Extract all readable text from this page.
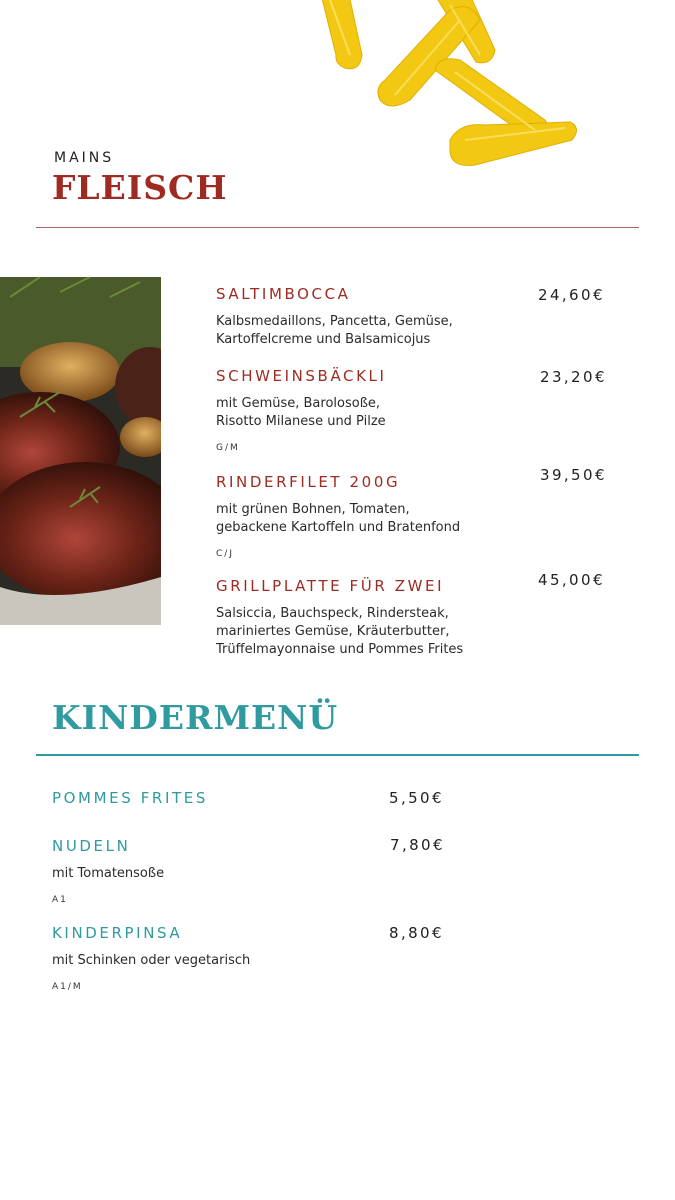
MAINS
FLEISCH
SALTIMBOCCA
Kalbsmedaillons, Pancetta, Gemüse,
Kartoffelcreme und Balsamicojus
24,60€
SCHWEINSBÄCKLI
mit Gemüse, Barolosoße,
Risotto Milanese und Pilze
G/M
23,20€
RINDERFILET 200G
mit grünen Bohnen, Tomaten,
gebackene Kartoffeln und Bratenfond
C/J
39,50€
GRILLPLATTE FÜR ZWEI
Salsiccia, Bauchspeck, Rindersteak,
mariniertes Gemüse, Kräuterbutter,
Trüffelmayonnaise und Pommes Frites
45,00€
KINDERMENÜ
POMMES FRITES	5,50€
NUDELN
mit Tomatensoße
A1
7,80€
KINDERPINSA
mit Schinken oder vegetarisch
A1/M
8,80€
